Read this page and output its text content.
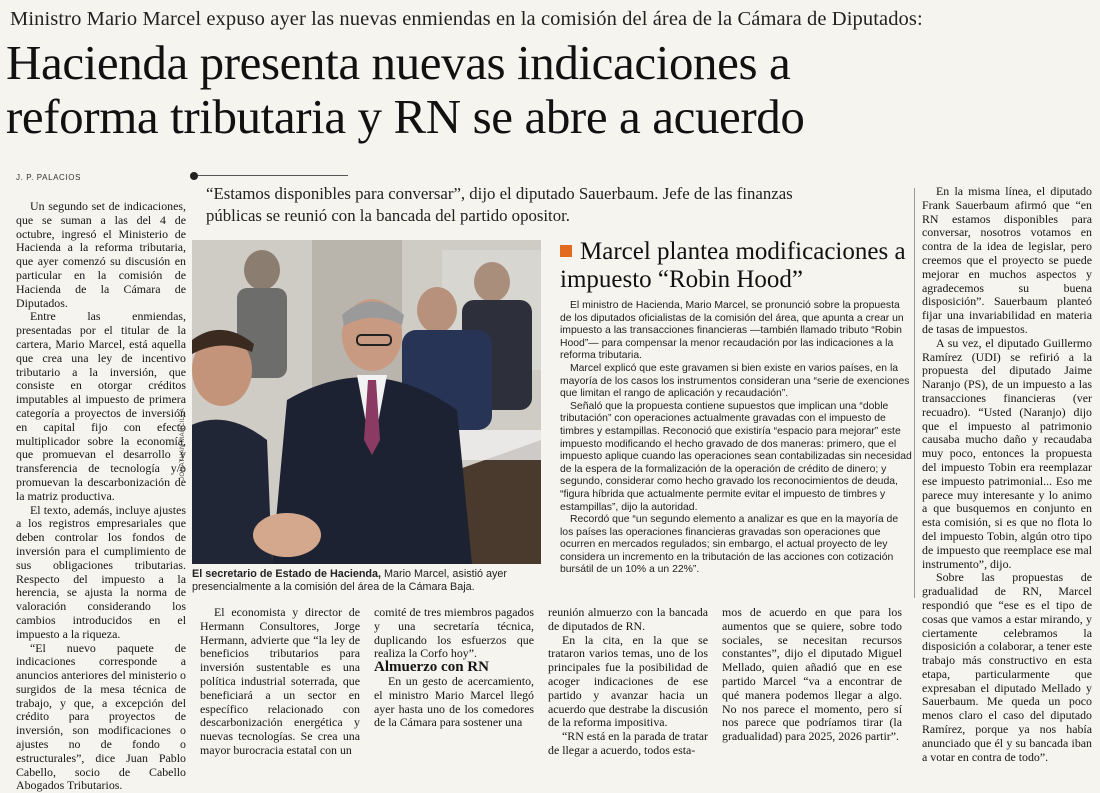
Ministro Mario Marcel expuso ayer las nuevas enmiendas en la comisión del área de la Cámara de Diputados:
Hacienda presenta nuevas indicaciones a
reforma tributaria y RN se abre a acuerdo
J. P. PALACIOS
“Estamos disponibles para conversar”, dijo el diputado Sauerbaum. Jefe de las finanzas públicas se reunió con la bancada del partido opositor.

Un segundo set de indicaciones, que se suman a las del 4 de octubre, ingresó el Ministerio de Hacienda a la reforma tributaria, que ayer comenzó su discusión en particular en la comisión de Hacienda de la Cámara de Diputados.

Entre las enmiendas, presentadas por el titular de la cartera, Mario Marcel, está aquella que crea una ley de incentivo tributario a la inversión, que consiste en otorgar créditos imputables al impuesto de primera categoría a proyectos de inversión en capital fijo con efecto multiplicador sobre la economía, que promuevan el desarrollo y transferencia de tecnología y/o promuevan la descarbonización de la matriz productiva.

El texto, además, incluye ajustes a los registros empresariales que deben controlar los fondos de inversión para el cumplimiento de sus obligaciones tributarias. Respecto del impuesto a la herencia, se ajusta la norma de valoración considerando los cambios introducidos en el impuesto a la riqueza.

“El nuevo paquete de indicaciones corresponde a anuncios anteriores del ministerio o surgidos de la mesa técnica de trabajo, y que, a excepción del crédito para proyectos de inversión, son modificaciones o ajustes no de fondo o estructurales”, dice Juan Pablo Cabello, socio de Cabello Abogados Tributarios.

JONATHAN MANCILLA
El secretario de Estado de Hacienda, Mario Marcel, asistió ayer presencialmente a la comisión del área de la Cámara Baja.
Marcel plantea modificaciones a impuesto “Robin Hood”

El ministro de Hacienda, Mario Marcel, se pronunció sobre la propuesta de los diputados oficialistas de la comisión del área, que apunta a crear un impuesto a las transacciones financieras —también llamado tributo “Robin Hood”— para compensar la menor recaudación por las indicaciones a la reforma tributaria.

Marcel explicó que este gravamen si bien existe en varios países, en la mayoría de los casos los instrumentos consideran una “serie de exenciones que limitan el rango de aplicación y recaudación”.

Señaló que la propuesta contiene supuestos que implican una “doble tributación” con operaciones actualmente gravadas con el impuesto de timbres y estampillas. Reconoció que existiría “espacio para mejorar” este impuesto modificando el hecho gravado de dos maneras: primero, que el impuesto aplique cuando las operaciones sean contabilizadas sin necesidad de la espera de la formalización de la operación de crédito de dinero; y segundo, considerar como hecho gravado los reconocimientos de deuda, “figura híbrida que actualmente permite evitar el impuesto de timbres y estampillas”, dijo la autoridad.

Recordó que “un segundo elemento a analizar es que en la mayoría de los países las operaciones financieras gravadas son operaciones que ocurren en mercados regulados; sin embargo, el actual proyecto de ley considera un incremento en la tributación de las acciones con cotización bursátil de un 10% a un 22%”.

El economista y director de Hermann Consultores, Jorge Hermann, advierte que “la ley de beneficios tributarios para inversión sustentable es una política industrial soterrada, que beneficiará a un sector en específico relacionado con descarbonización energética y nuevas tecnologías. Se crea una mayor burocracia estatal con un

comité de tres miembros pagados y una secretaría técnica, duplicando los esfuerzos que realiza la Corfo hoy”.

Almuerzo con RN

En un gesto de acercamiento, el ministro Mario Marcel llegó ayer hasta uno de los comedores de la Cámara para sostener una

reunión almuerzo con la bancada de diputados de RN.

En la cita, en la que se trataron varios temas, uno de los principales fue la posibilidad de acoger indicaciones de ese partido y avanzar hacia un acuerdo que destrabe la discusión de la reforma impositiva.

“RN está en la parada de tratar de llegar a acuerdo, todos esta-

mos de acuerdo en que para los aumentos que se quiere, sobre todo sociales, se necesitan recursos constantes”, dijo el diputado Miguel Mellado, quien añadió que en ese partido Marcel “va a encontrar de qué manera podemos llegar a algo. No nos parece el momento, pero sí nos parece que podríamos tirar (la gradualidad) para 2025, 2026 partir”.

En la misma línea, el diputado Frank Sauerbaum afirmó que “en RN estamos disponibles para conversar, nosotros votamos en contra de la idea de legislar, pero creemos que el proyecto se puede mejorar en muchos aspectos y agradecemos su buena disposición”. Sauerbaum planteó fijar una invariabilidad en materia de tasas de impuestos.

A su vez, el diputado Guillermo Ramírez (UDI) se refirió a la propuesta del diputado Jaime Naranjo (PS), de un impuesto a las transacciones financieras (ver recuadro). “Usted (Naranjo) dijo que el impuesto al patrimonio causaba mucho daño y recaudaba muy poco, entonces la propuesta del impuesto Tobin era reemplazar ese impuesto patrimonial... Eso me parece muy interesante y lo animo a que busquemos en conjunto en esta comisión, si es que no flota lo del impuesto Tobin, algún otro tipo de impuesto que reemplace ese mal instrumento”, dijo.

Sobre las propuestas de gradualidad de RN, Marcel respondió que “ese es el tipo de cosas que vamos a estar mirando, y ciertamente celebramos la disposición a colaborar, a tener este trabajo más constructivo en esta etapa, particularmente que expresaban el diputado Mellado y Sauerbaum. Me queda un poco menos claro el caso del diputado Ramírez, porque ya nos había anunciado que él y su bancada iban a votar en contra de todo”.
